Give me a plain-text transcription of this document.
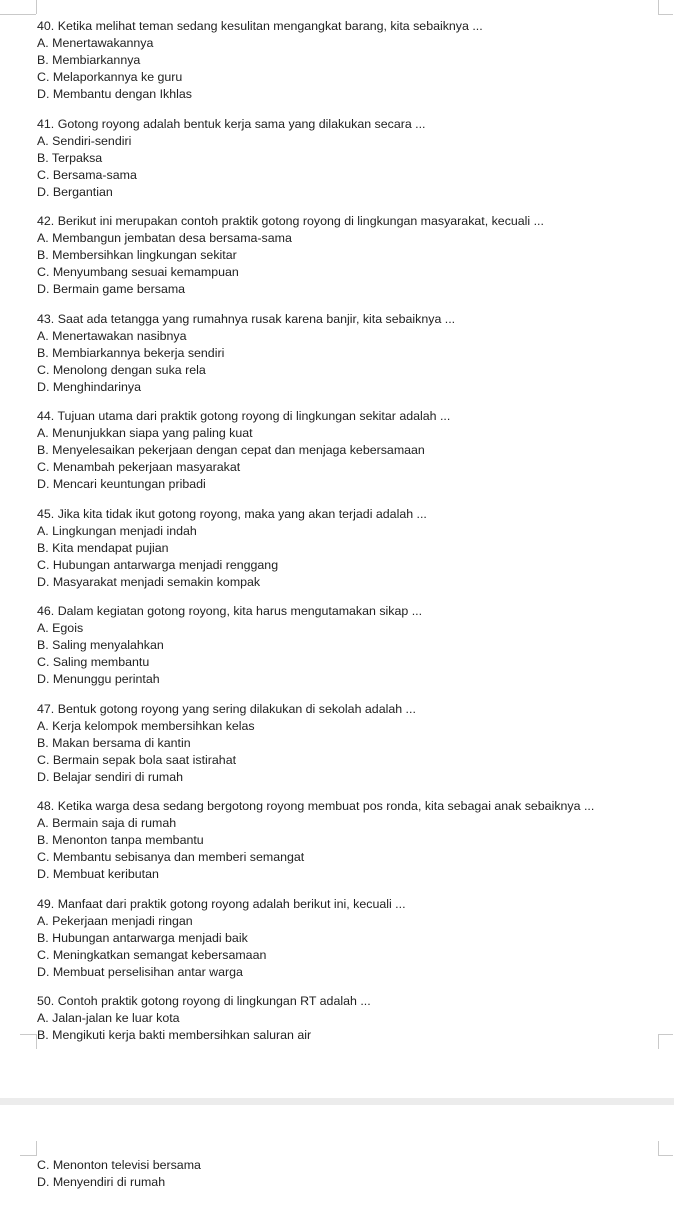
40. Ketika melihat teman sedang kesulitan mengangkat barang, kita sebaiknya ...
A. Menertawakannya
B. Membiarkannya
C. Melaporkannya ke guru
D. Membantu dengan Ikhlas
41. Gotong royong adalah bentuk kerja sama yang dilakukan secara ...
A. Sendiri-sendiri
B. Terpaksa
C. Bersama-sama
D. Bergantian
42. Berikut ini merupakan contoh praktik gotong royong di lingkungan masyarakat, kecuali ...
A. Membangun jembatan desa bersama-sama
B. Membersihkan lingkungan sekitar
C. Menyumbang sesuai kemampuan
D. Bermain game bersama
43. Saat ada tetangga yang rumahnya rusak karena banjir, kita sebaiknya ...
A. Menertawakan nasibnya
B. Membiarkannya bekerja sendiri
C. Menolong dengan suka rela
D. Menghindarinya
44. Tujuan utama dari praktik gotong royong di lingkungan sekitar adalah ...
A. Menunjukkan siapa yang paling kuat
B. Menyelesaikan pekerjaan dengan cepat dan menjaga kebersamaan
C. Menambah pekerjaan masyarakat
D. Mencari keuntungan pribadi
45. Jika kita tidak ikut gotong royong, maka yang akan terjadi adalah ...
A. Lingkungan menjadi indah
B. Kita mendapat pujian
C. Hubungan antarwarga menjadi renggang
D. Masyarakat menjadi semakin kompak
46. Dalam kegiatan gotong royong, kita harus mengutamakan sikap ...
A. Egois
B. Saling menyalahkan
C. Saling membantu
D. Menunggu perintah
47. Bentuk gotong royong yang sering dilakukan di sekolah adalah ...
A. Kerja kelompok membersihkan kelas
B. Makan bersama di kantin
C. Bermain sepak bola saat istirahat
D. Belajar sendiri di rumah
48. Ketika warga desa sedang bergotong royong membuat pos ronda, kita sebagai anak sebaiknya ...
A. Bermain saja di rumah
B. Menonton tanpa membantu
C. Membantu sebisanya dan memberi semangat
D. Membuat keributan
49. Manfaat dari praktik gotong royong adalah berikut ini, kecuali ...
A. Pekerjaan menjadi ringan
B. Hubungan antarwarga menjadi baik
C. Meningkatkan semangat kebersamaan
D. Membuat perselisihan antar warga
50. Contoh praktik gotong royong di lingkungan RT adalah ...
A. Jalan-jalan ke luar kota
B. Mengikuti kerja bakti membersihkan saluran air
C. Menonton televisi bersama
D. Menyendiri di rumah
